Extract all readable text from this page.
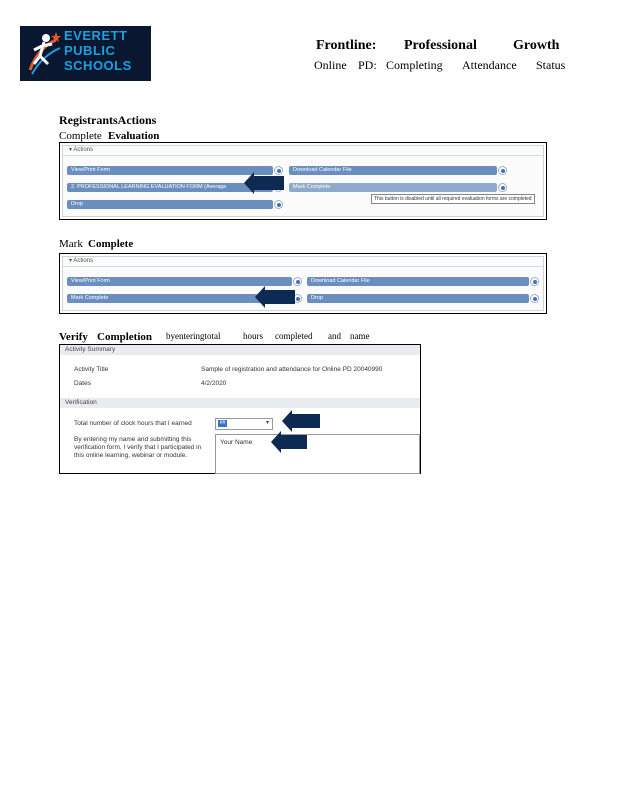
EVERETT
PUBLIC
SCHOOLS
Frontline: Professional	Growth
Online PD: Completing Attendance Status
RegistrantsActions
Complete Evaluation
▾ Actions
View/Print Form	Download Calendar File
2. PROFESSIONAL LEARNING EVALUATION FORM (Average	Mark Complete
Drop
This button is disabled until all required evaluation forms are completed
Mark Complete
▾ Actions
View/Print Form	Download Calendar File
Mark Complete	Drop
Verify Completion byenteringtotal	hours completed and name
Activity Summary
Activity Title	Sample of registration and attendance for Online PD 20040990
Dates	4/2/2020
Verification
Total number of clock hours that I earned	##	▾
By entering my name and submitting this verification form, I verify that I participated in this online learning, webinar or module.
Your Name
